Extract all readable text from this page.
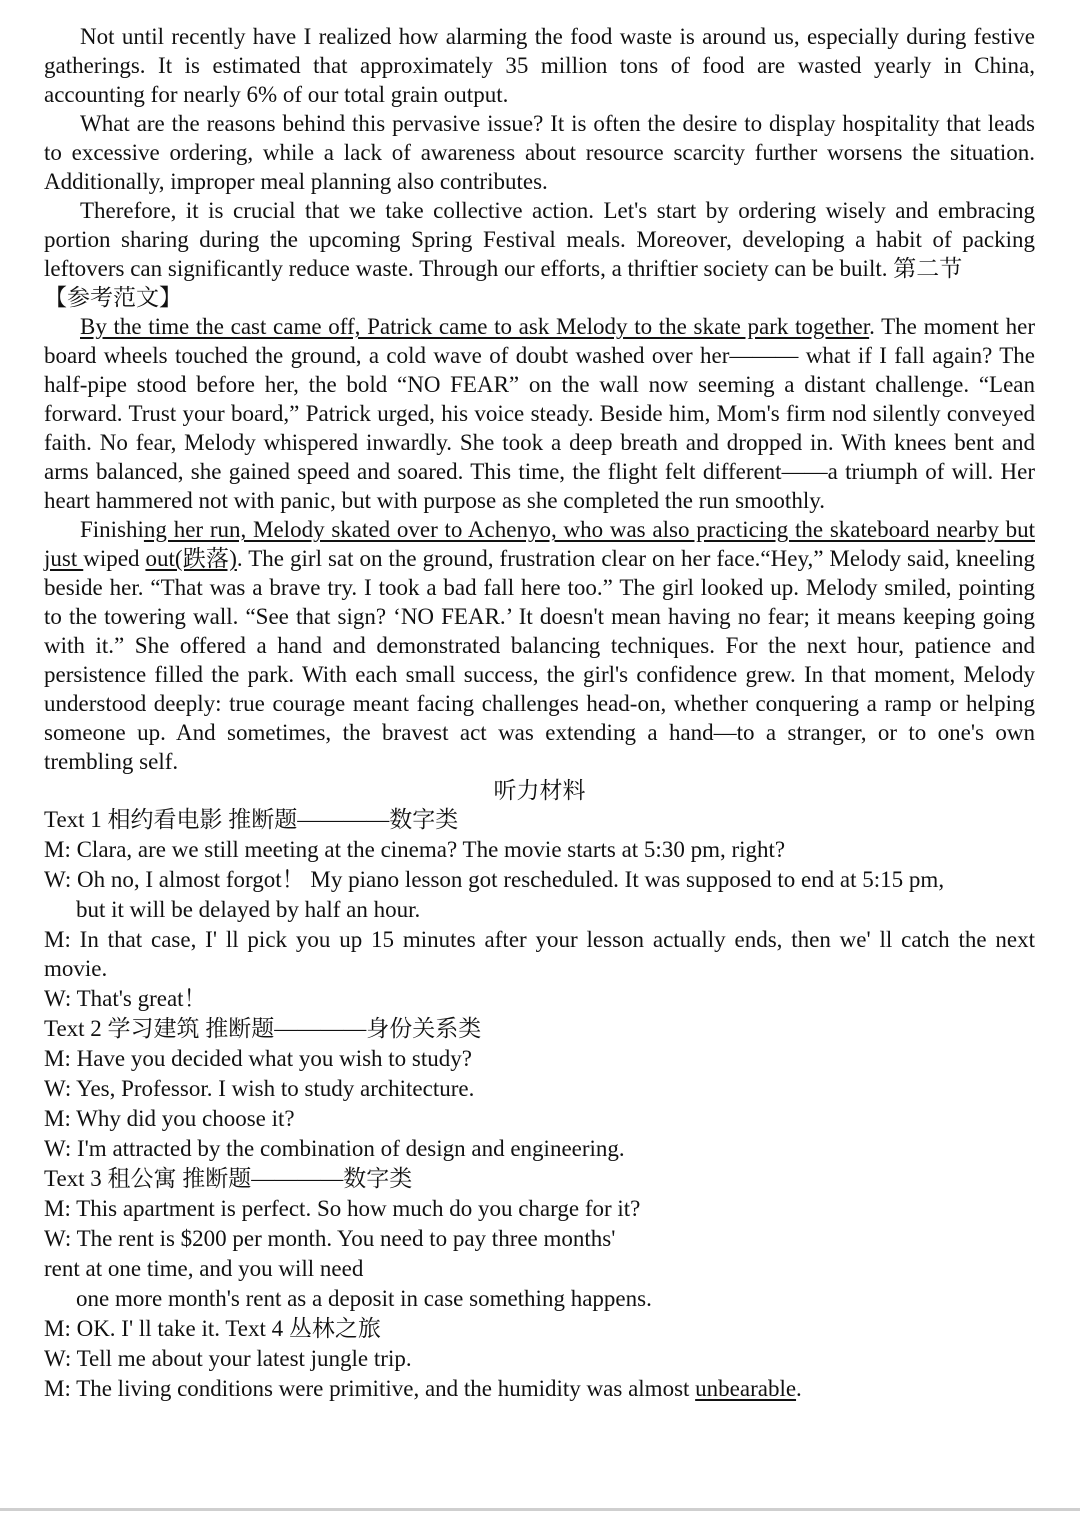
Not until recently have I realized how alarming the food waste is around us, especially during festive gatherings. It is estimated that approximately 35 million tons of food are wasted yearly in China, accounting for nearly 6% of our total grain output.

What are the reasons behind this pervasive issue? It is often the desire to display hospitality that leads to excessive ordering, while a lack of awareness about resource scarcity further worsens the situation. Additionally, improper meal planning also contributes.

Therefore, it is crucial that we take collective action. Let's start by ordering wisely and embracing portion sharing during the upcoming Spring Festival meals. Moreover, developing a habit of packing leftovers can significantly reduce waste. Through our efforts, a thriftier society can be built. 第二节

【参考范文】

By the time the cast came off, Patrick came to ask Melody to the skate park together. The moment her board wheels touched the ground, a cold wave of doubt washed over her——— what if I fall again? The half-pipe stood before her, the bold “NO FEAR” on the wall now seeming a distant challenge. “Lean forward. Trust your board,” Patrick urged, his voice steady. Beside him, Mom's firm nod silently conveyed faith. No fear, Melody whispered inwardly. She took a deep breath and dropped in. With knees bent and arms balanced, she gained speed and soared. This time, the flight felt different——a triumph of will. Her heart hammered not with panic, but with purpose as she completed the run smoothly.

Finishing her run, Melody skated over to Achenyo, who was also practicing the skateboard nearby but just wiped out(跌落). The girl sat on the ground, frustration clear on her face.“Hey,” Melody said, kneeling beside her. “That was a brave try. I took a bad fall here too.” The girl looked up. Melody smiled, pointing to the towering wall. “See that sign? ‘NO FEAR.’ It doesn't mean having no fear; it means keeping going with it.” She offered a hand and demonstrated balancing techniques. For the next hour, patience and persistence filled the park. With each small success, the girl's confidence grew. In that moment, Melody understood deeply: true courage meant facing challenges head-on, whether conquering a ramp or helping someone up. And sometimes, the bravest act was extending a hand—to a stranger, or to one's own trembling self.

听力材料

Text 1 相约看电影 推断题————数字类

M: Clara, are we still meeting at the cinema? The movie starts at 5:30 pm, right?

W: Oh no, I almost forgot！ My piano lesson got rescheduled. It was supposed to end at 5:15 pm,

but it will be delayed by half an hour.

M: In that case, I' ll pick you up 15 minutes after your lesson actually ends, then we' ll catch the next movie.

W: That's great！

Text 2 学习建筑 推断题————身份关系类

M: Have you decided what you wish to study?

W: Yes, Professor. I wish to study architecture.

M: Why did you choose it?

W: I'm attracted by the combination of design and engineering.

Text 3 租公寓 推断题————数字类

M: This apartment is perfect. So how much do you charge for it?

W: The rent is $200 per month. You need to pay three months'

rent at one time, and you will need

one more month's rent as a deposit in case something happens.

M: OK. I' ll take it. Text 4 丛林之旅

W: Tell me about your latest jungle trip.

M: The living conditions were primitive, and the humidity was almost unbearable.
